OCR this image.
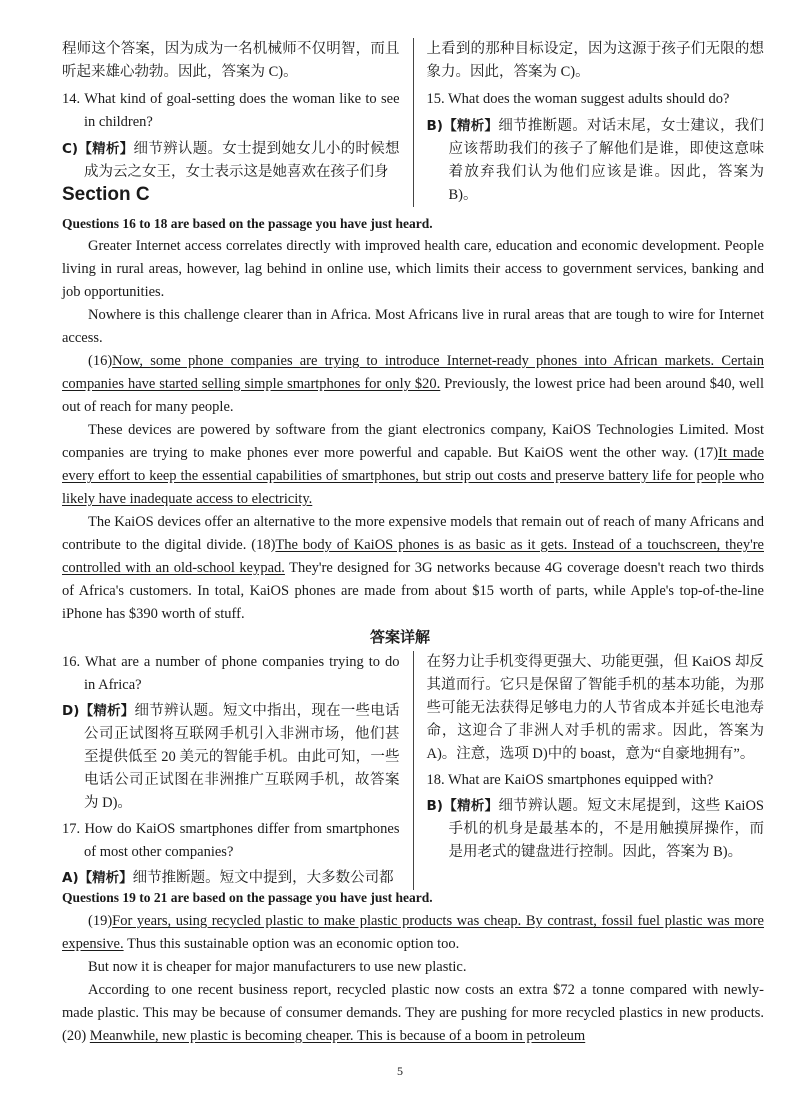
程师这个答案，因为成为一名机械师不仅明智，而且听起来雄心勃勃。因此，答案为 C)。

14. What kind of goal-setting does the woman like to see in children?

C)【精析】细节辨认题。女士提到她女儿小的时候想成为云之女王，女士表示这是她喜欢在孩子们身

上看到的那种目标设定，因为这源于孩子们无限的想象力。因此，答案为 C)。

15. What does the woman suggest adults should do?

B)【精析】细节推断题。对话末尾，女士建议，我们应该帮助我们的孩子了解他们是谁，即使这意味着放弃我们认为他们应该是谁。因此，答案为 B)。

Section C
Questions 16 to 18 are based on the passage you have just heard.

Greater Internet access correlates directly with improved health care, education and economic development. People living in rural areas, however, lag behind in online use, which limits their access to government services, banking and job opportunities.

Nowhere is this challenge clearer than in Africa. Most Africans live in rural areas that are tough to wire for Internet access.

(16)Now, some phone companies are trying to introduce Internet-ready phones into African markets. Certain companies have started selling simple smartphones for only $20. Previously, the lowest price had been around $40, well out of reach for many people.

These devices are powered by software from the giant electronics company, KaiOS Technologies Limited. Most companies are trying to make phones ever more powerful and capable. But KaiOS went the other way. (17)It made every effort to keep the essential capabilities of smartphones, but strip out costs and preserve battery life for people who likely have inadequate access to electricity.

The KaiOS devices offer an alternative to the more expensive models that remain out of reach of many Africans and contribute to the digital divide. (18)The body of KaiOS phones is as basic as it gets. Instead of a touchscreen, they're controlled with an old-school keypad. They're designed for 3G networks because 4G coverage doesn't reach two thirds of Africa's customers. In total, KaiOS phones are made from about $15 worth of parts, while Apple's top-of-the-line iPhone has $390 worth of stuff.

答案详解

16. What are a number of phone companies trying to do in Africa?

D)【精析】细节辨认题。短文中指出，现在一些电话公司正试图将互联网手机引入非洲市场，他们甚至提供低至 20 美元的智能手机。由此可知，一些电话公司正试图在非洲推广互联网手机，故答案为 D)。

17. How do KaiOS smartphones differ from smartphones of most other companies?

A)【精析】细节推断题。短文中提到，大多数公司都

在努力让手机变得更强大、功能更强，但 KaiOS 却反其道而行。它只是保留了智能手机的基本功能，为那些可能无法获得足够电力的人节省成本并延长电池寿命，这迎合了非洲人对手机的需求。因此，答案为 A)。注意，选项 D)中的 boast，意为“自豪地拥有”。

18. What are KaiOS smartphones equipped with?

B)【精析】细节辨认题。短文末尾提到，这些 KaiOS 手机的机身是最基本的，不是用触摸屏操作，而是用老式的键盘进行控制。因此，答案为 B)。

Questions 19 to 21 are based on the passage you have just heard.

(19)For years, using recycled plastic to make plastic products was cheap. By contrast, fossil fuel plastic was more expensive. Thus this sustainable option was an economic option too.

But now it is cheaper for major manufacturers to use new plastic.

According to one recent business report, recycled plastic now costs an extra $72 a tonne compared with newly-made plastic. This may be because of consumer demands. They are pushing for more recycled plastics in new products. (20) Meanwhile, new plastic is becoming cheaper. This is because of a boom in petroleum

5
